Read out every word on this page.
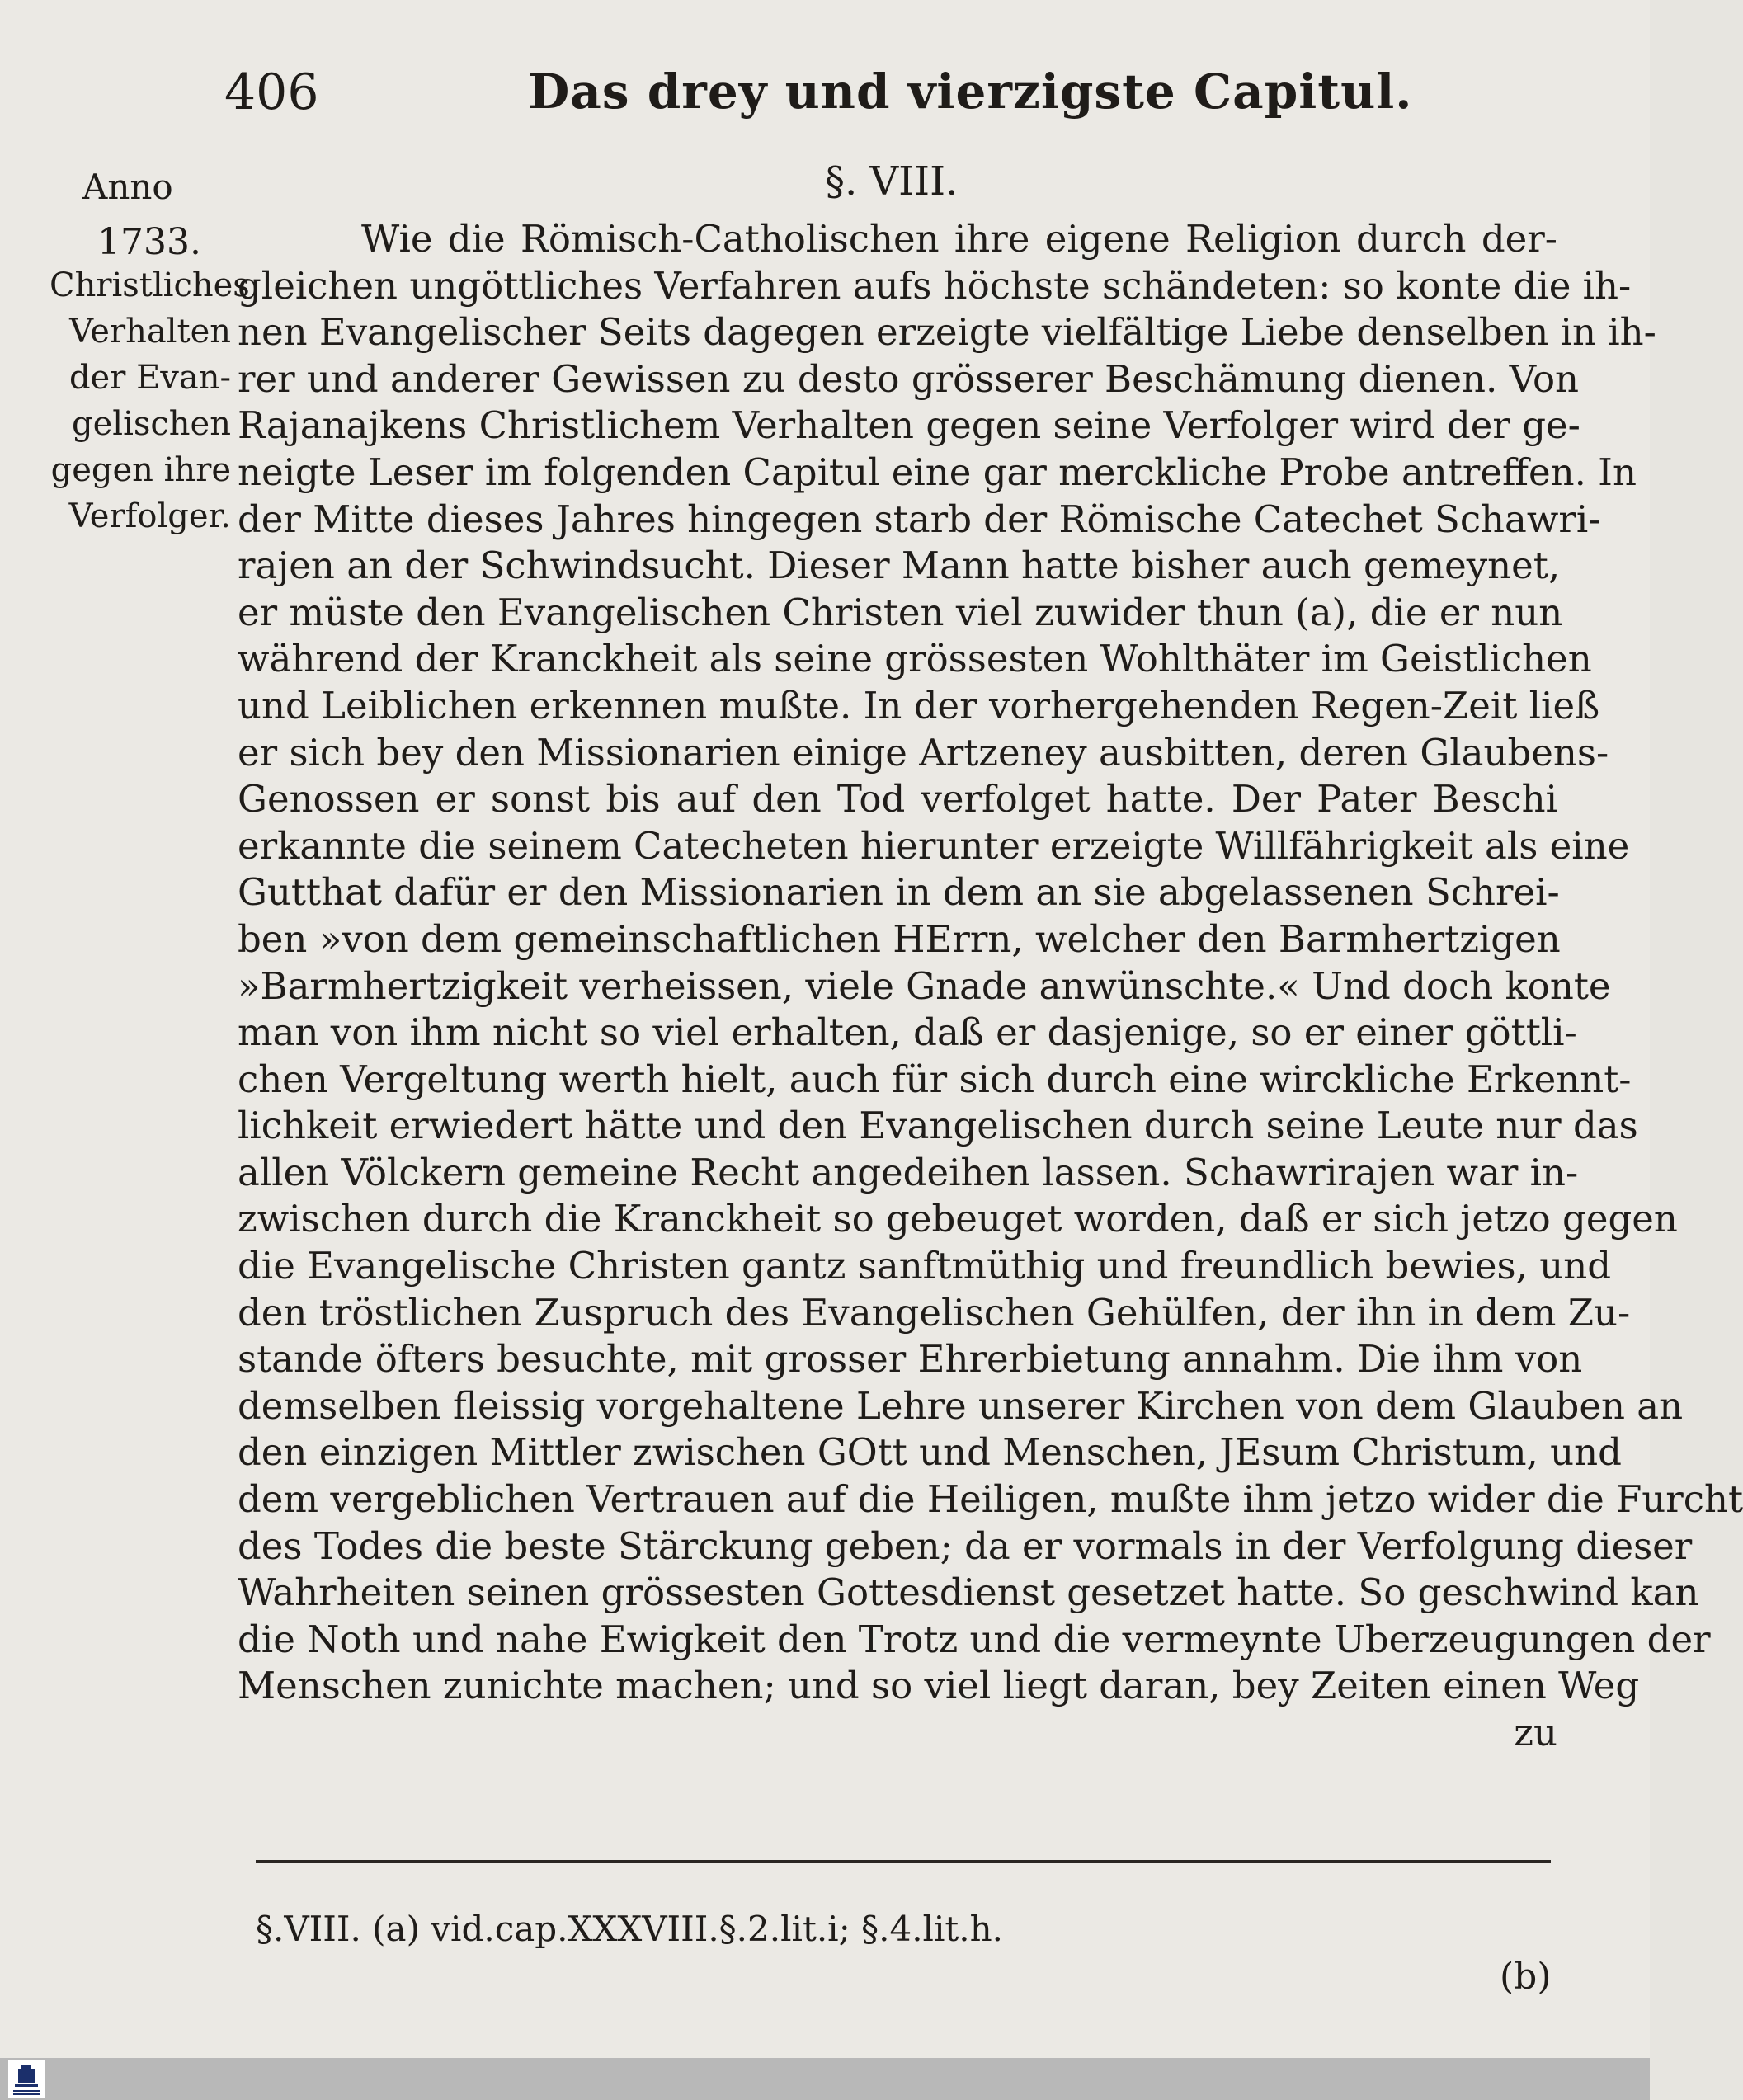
406	Das drey und vierzigste Capitul.
Anno
1733.
Christliches
Verhalten
der Evan-
gelischen
gegen ihre
Verfolger.
§. VIII.
Wie die Römisch-Catholischen ihre eigene Religion durch der-
gleichen ungöttliches Verfahren aufs höchste schändeten: so konte die ih-
nen Evangelischer Seits dagegen erzeigte vielfältige Liebe denselben in ih-
rer und anderer Gewissen zu desto grösserer Beschämung dienen. Von
Rajanajkens Christlichem Verhalten gegen seine Verfolger wird der ge-
neigte Leser im folgenden Capitul eine gar merckliche Probe antreffen. In
der Mitte dieses Jahres hingegen starb der Römische Catechet Schawri-
rajen an der Schwindsucht. Dieser Mann hatte bisher auch gemeynet,
er müste den Evangelischen Christen viel zuwider thun (a), die er nun
während der Kranckheit als seine grössesten Wohlthäter im Geistlichen
und Leiblichen erkennen mußte. In der vorhergehenden Regen-Zeit ließ
er sich bey den Missionarien einige Artzeney ausbitten, deren Glaubens-
Genossen er sonst bis auf den Tod verfolget hatte. Der Pater Beschi
erkannte die seinem Catecheten hierunter erzeigte Willfährigkeit als eine
Gutthat dafür er den Missionarien in dem an sie abgelassenen Schrei-
ben »von dem gemeinschaftlichen HErrn, welcher den Barmhertzigen
»Barmhertzigkeit verheissen, viele Gnade anwünschte.« Und doch konte
man von ihm nicht so viel erhalten, daß er dasjenige, so er einer göttli-
chen Vergeltung werth hielt, auch für sich durch eine wirckliche Erkennt-
lichkeit erwiedert hätte und den Evangelischen durch seine Leute nur das
allen Völckern gemeine Recht angedeihen lassen. Schawrirajen war in-
zwischen durch die Kranckheit so gebeuget worden, daß er sich jetzo gegen
die Evangelische Christen gantz sanftmüthig und freundlich bewies, und
den tröstlichen Zuspruch des Evangelischen Gehülfen, der ihn in dem Zu-
stande öfters besuchte, mit grosser Ehrerbietung annahm. Die ihm von
demselben fleissig vorgehaltene Lehre unserer Kirchen von dem Glauben an
den einzigen Mittler zwischen GOtt und Menschen, JEsum Christum, und
dem vergeblichen Vertrauen auf die Heiligen, mußte ihm jetzo wider die Furcht
des Todes die beste Stärckung geben; da er vormals in der Verfolgung dieser
Wahrheiten seinen grössesten Gottesdienst gesetzet hatte. So geschwind kan
die Noth und nahe Ewigkeit den Trotz und die vermeynte Uberzeugungen der
Menschen zunichte machen; und so viel liegt daran, bey Zeiten einen Weg
zu
§.VIII. (a) vid.cap.XXXVIII.§.2.lit.i; §.4.lit.h.
(b)
